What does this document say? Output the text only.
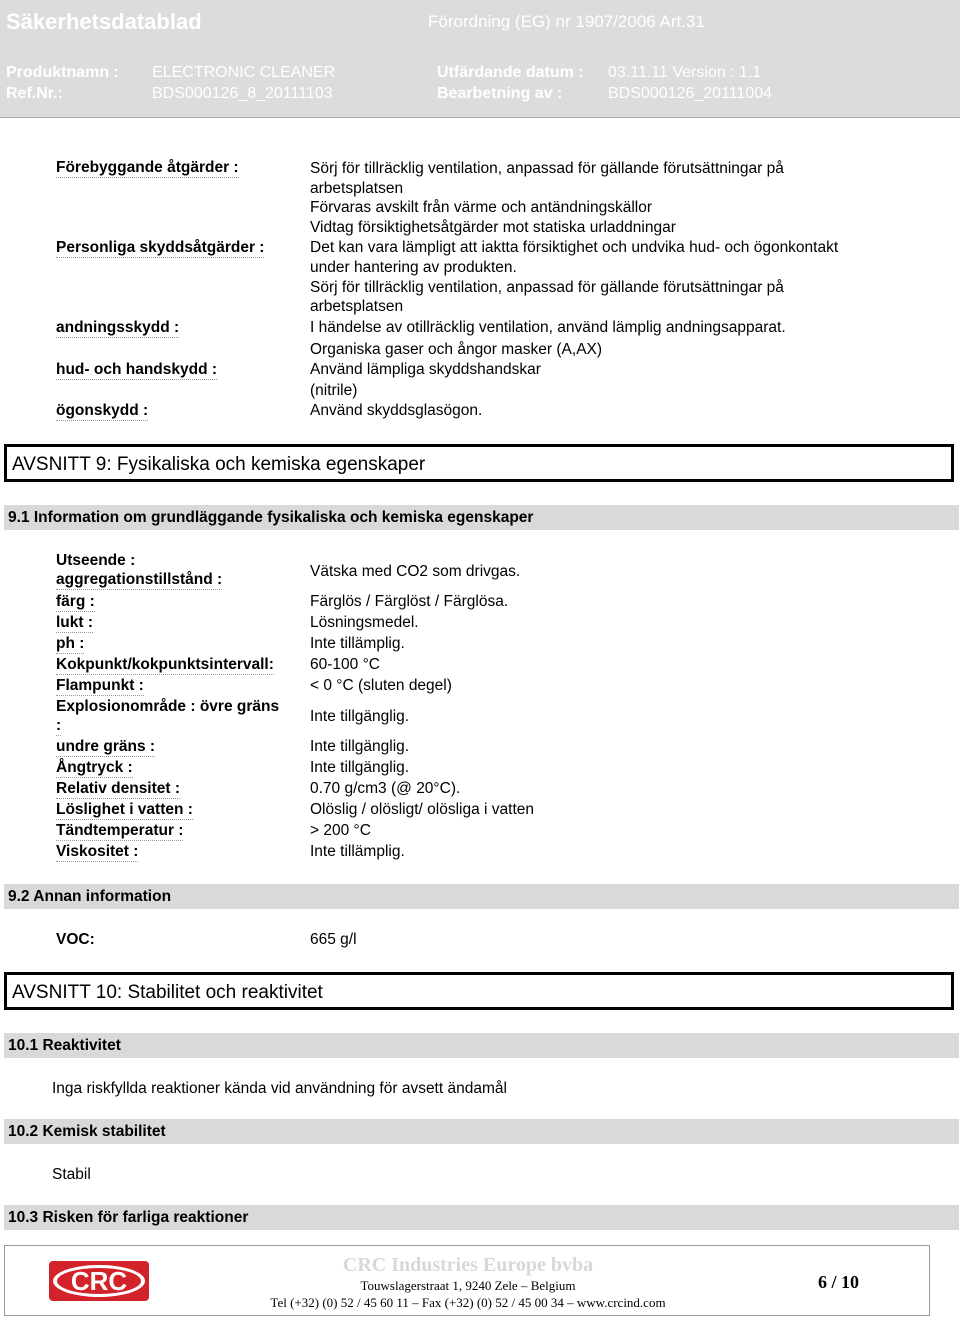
Säkerhetsdatablad	Förordning (EG) nr 1907/2006 Art.31
Produktnamn : ELECTRONIC CLEANER	Utfärdande datum : 03.11.11 Version : 1.1
Ref.Nr.:	BDS000126_8_20111103	Bearbetning av :	BDS000126_20111004
Förebyggande åtgärder :	Sörj för tillräcklig ventilation, anpassad för gällande förutsättningar på
arbetsplatsen
Förvaras avskilt från värme och antändningskällor
Vidtag försiktighetsåtgärder mot statiska urladdningar
Personliga skyddsåtgärder :	Det kan vara lämpligt att iaktta försiktighet och undvika hud- och ögonkontakt
under hantering av produkten.
Sörj för tillräcklig ventilation, anpassad för gällande förutsättningar på
arbetsplatsen
andningsskydd :	I händelse av otillräcklig ventilation, använd lämplig andningsapparat.
Organiska gaser och ångor masker (A,AX)
hud- och handskydd :	Använd lämpliga skyddshandskar
(nitrile)
ögonskydd :	Använd skyddsglasögon.
AVSNITT 9: Fysikaliska och kemiska egenskaper
9.1 Information om grundläggande fysikaliska och kemiska egenskaper
Utseende :
aggregationstillstånd :	Vätska med CO2 som drivgas.
färg :	Färglös / Färglöst / Färglösa.
lukt :	Lösningsmedel.
ph :	Inte tillämplig.
Kokpunkt/kokpunktsintervall: 60-100 °C
Flampunkt :	< 0 °C (sluten degel)
Explosionområde : övre gräns
:
Inte tillgänglig.
undre gräns :	Inte tillgänglig.
Ångtryck :	Inte tillgänglig.
Relativ densitet :	0.70 g/cm3 (@ 20°C).
Löslighet i vatten :	Olöslig / olösligt/ olösliga i vatten
Tändtemperatur :	> 200 °C
Viskositet :	Inte tillämplig.
9.2 Annan information
VOC:	665 g/l
AVSNITT 10: Stabilitet och reaktivitet
10.1 Reaktivitet
Inga riskfyllda reaktioner kända vid användning för avsett ändamål
10.2 Kemisk stabilitet
Stabil
10.3 Risken för farliga reaktioner
CRC
CRC Industries Europe bvba
Touwslagerstraat 1, 9240 Zele – Belgium
Tel (+32) (0) 52 / 45 60 11 – Fax (+32) (0) 52 / 45 00 34 – www.crcind.com
6 / 10
